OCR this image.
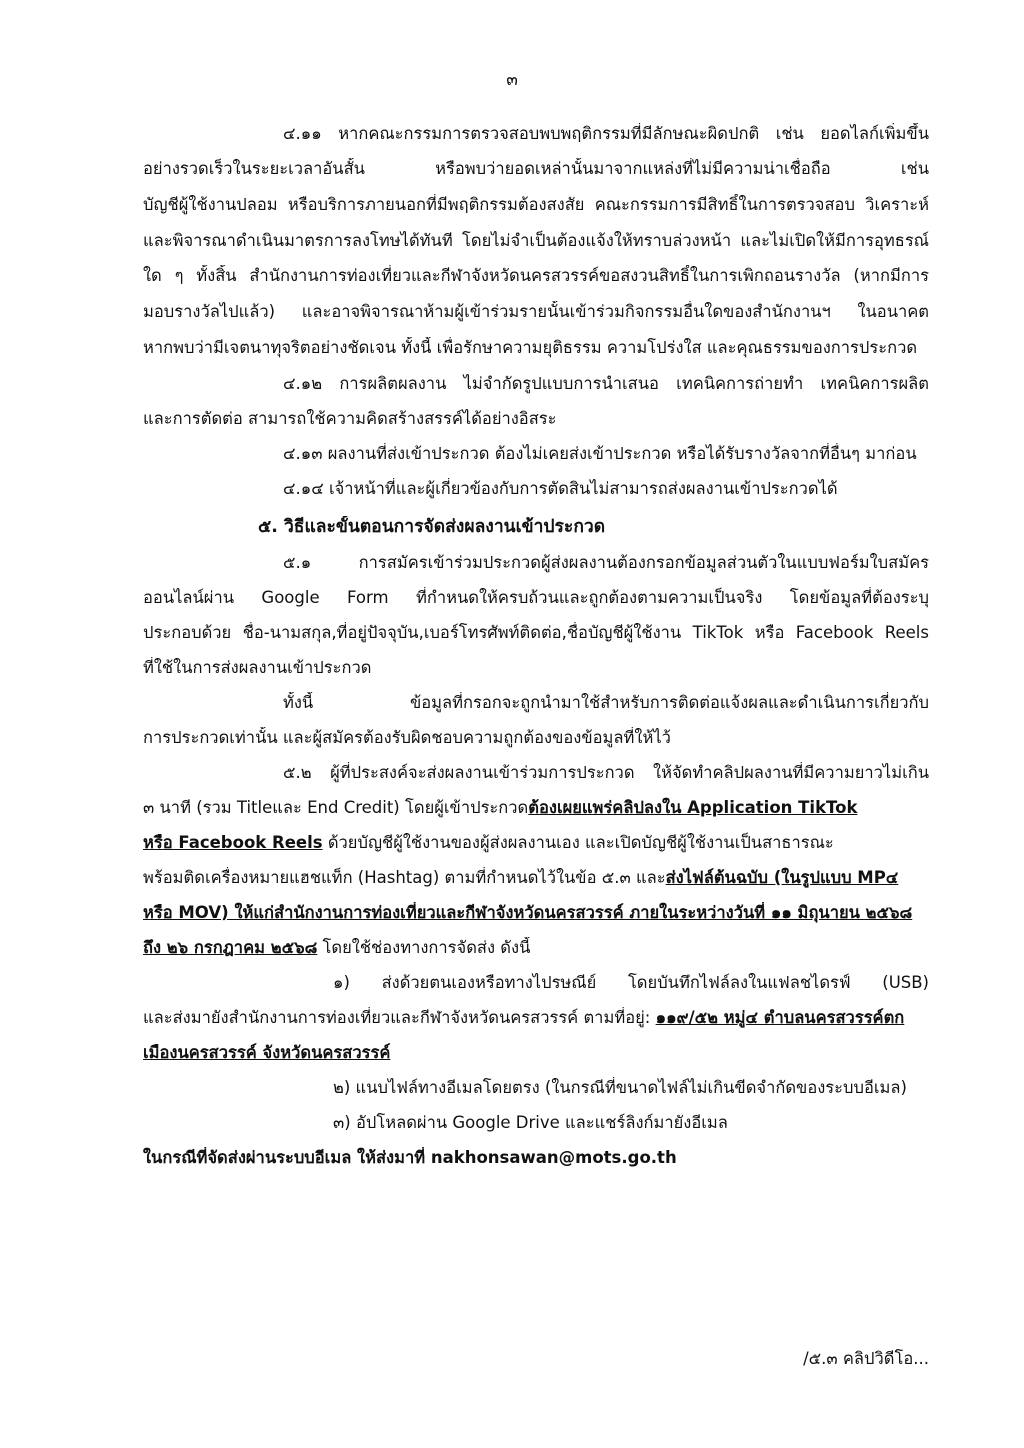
๓
๔.๑๑ หากคณะกรรมการตรวจสอบพบพฤติกรรมที่มีลักษณะผิดปกติ เช่น ยอดไลก์เพิ่มขึ้น
อย่างรวดเร็วในระยะเวลาอันสั้น หรือพบว่ายอดเหล่านั้นมาจากแหล่งที่ไม่มีความน่าเชื่อถือ เช่น
บัญชีผู้ใช้งานปลอม หรือบริการภายนอกที่มีพฤติกรรมต้องสงสัย คณะกรรมการมีสิทธิ์ในการตรวจสอบ วิเคราะห์
และพิจารณาดำเนินมาตรการลงโทษได้ทันที โดยไม่จำเป็นต้องแจ้งให้ทราบล่วงหน้า และไม่เปิดให้มีการอุทธรณ์
ใด ๆ ทั้งสิ้น สำนักงานการท่องเที่ยวและกีฬาจังหวัดนครสวรรค์ขอสงวนสิทธิ์ในการเพิกถอนรางวัล (หากมีการ
มอบรางวัลไปแล้ว) และอาจพิจารณาห้ามผู้เข้าร่วมรายนั้นเข้าร่วมกิจกรรมอื่นใดของสำนักงานฯ ในอนาคต
หากพบว่ามีเจตนาทุจริตอย่างชัดเจน ทั้งนี้ เพื่อรักษาความยุติธรรม ความโปร่งใส และคุณธรรมของการประกวด
๔.๑๒ การผลิตผลงาน ไม่จำกัดรูปแบบการนำเสนอ เทคนิคการถ่ายทำ เทคนิคการผลิต
และการตัดต่อ สามารถใช้ความคิดสร้างสรรค์ได้อย่างอิสระ
๔.๑๓ ผลงานที่ส่งเข้าประกวด ต้องไม่เคยส่งเข้าประกวด หรือได้รับรางวัลจากที่อื่นๆ มาก่อน
๔.๑๔ เจ้าหน้าที่และผู้เกี่ยวข้องกับการตัดสินไม่สามารถส่งผลงานเข้าประกวดได้
๕. วิธีและขั้นตอนการจัดส่งผลงานเข้าประกวด
๕.๑ การสมัครเข้าร่วมประกวดผู้ส่งผลงานต้องกรอกข้อมูลส่วนตัวในแบบฟอร์มใบสมัคร
ออนไลน์ผ่าน Google Form ที่กำหนดให้ครบถ้วนและถูกต้องตามความเป็นจริง โดยข้อมูลที่ต้องระบุ
ประกอบด้วย ชื่อ-นามสกุล,ที่อยู่ปัจจุบัน,เบอร์โทรศัพท์ติดต่อ,ชื่อบัญชีผู้ใช้งาน TikTok หรือ Facebook Reels
ที่ใช้ในการส่งผลงานเข้าประกวด
ทั้งนี้ ข้อมูลที่กรอกจะถูกนำมาใช้สำหรับการติดต่อแจ้งผลและดำเนินการเกี่ยวกับ
การประกวดเท่านั้น และผู้สมัครต้องรับผิดชอบความถูกต้องของข้อมูลที่ให้ไว้
๕.๒ ผู้ที่ประสงค์จะส่งผลงานเข้าร่วมการประกวด ให้จัดทำคลิปผลงานที่มีความยาวไม่เกิน
๓ นาที (รวม Titleและ End Credit) โดยผู้เข้าประกวดต้องเผยแพร่คลิปลงใน Application TikTok
หรือ Facebook Reels ด้วยบัญชีผู้ใช้งานของผู้ส่งผลงานเอง และเปิดบัญชีผู้ใช้งานเป็นสาธารณะ
พร้อมติดเครื่องหมายแฮชแท็ก (Hashtag) ตามที่กำหนดไว้ในข้อ ๕.๓ และส่งไฟล์ต้นฉบับ (ในรูปแบบ MP๔
หรือ MOV) ให้แก่สำนักงานการท่องเที่ยวและกีฬาจังหวัดนครสวรรค์ ภายในระหว่างวันที่ ๑๑ มิถุนายน ๒๕๖๘
ถึง ๒๖ กรกฎาคม ๒๕๖๘ โดยใช้ช่องทางการจัดส่ง ดังนี้
๑) ส่งด้วยตนเองหรือทางไปรษณีย์ โดยบันทึกไฟล์ลงในแฟลชไดรฟ์ (USB)
และส่งมายังสำนักงานการท่องเที่ยวและกีฬาจังหวัดนครสวรรค์ ตามที่อยู่: ๑๑๙/๕๒ หมู่๔ ตำบลนครสวรรค์ตก
เมืองนครสวรรค์ จังหวัดนครสวรรค์
๒) แนบไฟล์ทางอีเมลโดยตรง (ในกรณีที่ขนาดไฟล์ไม่เกินขีดจำกัดของระบบอีเมล)
๓) อัปโหลดผ่าน Google Drive และแชร์ลิงก์มายังอีเมล
ในกรณีที่จัดส่งผ่านระบบอีเมล ให้ส่งมาที่ nakhonsawan@mots.go.th
/๕.๓ คลิปวิดีโอ...
